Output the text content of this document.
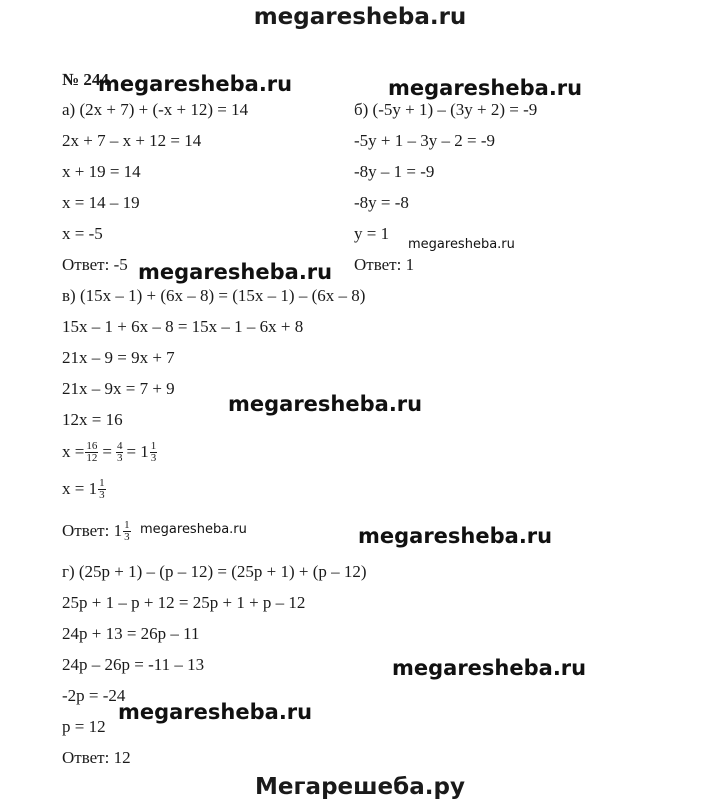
megaresheba.ru
№ 244
а) (2x + 7) + (-x + 12) = 14
2x + 7 – x + 12 = 14
x + 19 = 14
x = 14 – 19
x = -5
Ответ: -5
б) (-5y + 1) – (3y + 2) = -9
-5y + 1 – 3y – 2 = -9
-8y – 1 = -9
-8y = -8
y = 1
Ответ: 1
в) (15x – 1) + (6x – 8) = (15x – 1) – (6x – 8)
15x – 1 + 6x – 8 = 15x – 1 – 6x + 8
21x – 9 = 9x + 7
21x – 9x = 7 + 9
12x = 16
$x = \frac{16}{12} = \frac{4}{3} = 1 \frac{1}{3}$
$x = 1 \frac{1}{3}$
Ответ: $1 \frac{1}{3}$
г) (25p + 1) – (p – 12) = (25p + 1) + (p – 12)
25p + 1 – p + 12 = 25p + 1 + p – 12
24p + 13 = 26p – 11
24p – 26p = -11 – 13
-2p = -24
p = 12
Ответ: 12
megaresheba.ru	megaresheba.ru
megaresheba.ru
megaresheba.ru
megaresheba.ru
megaresheba.ru	megaresheba.ru
megaresheba.ru
megaresheba.ru
Мегарешеба.ру
